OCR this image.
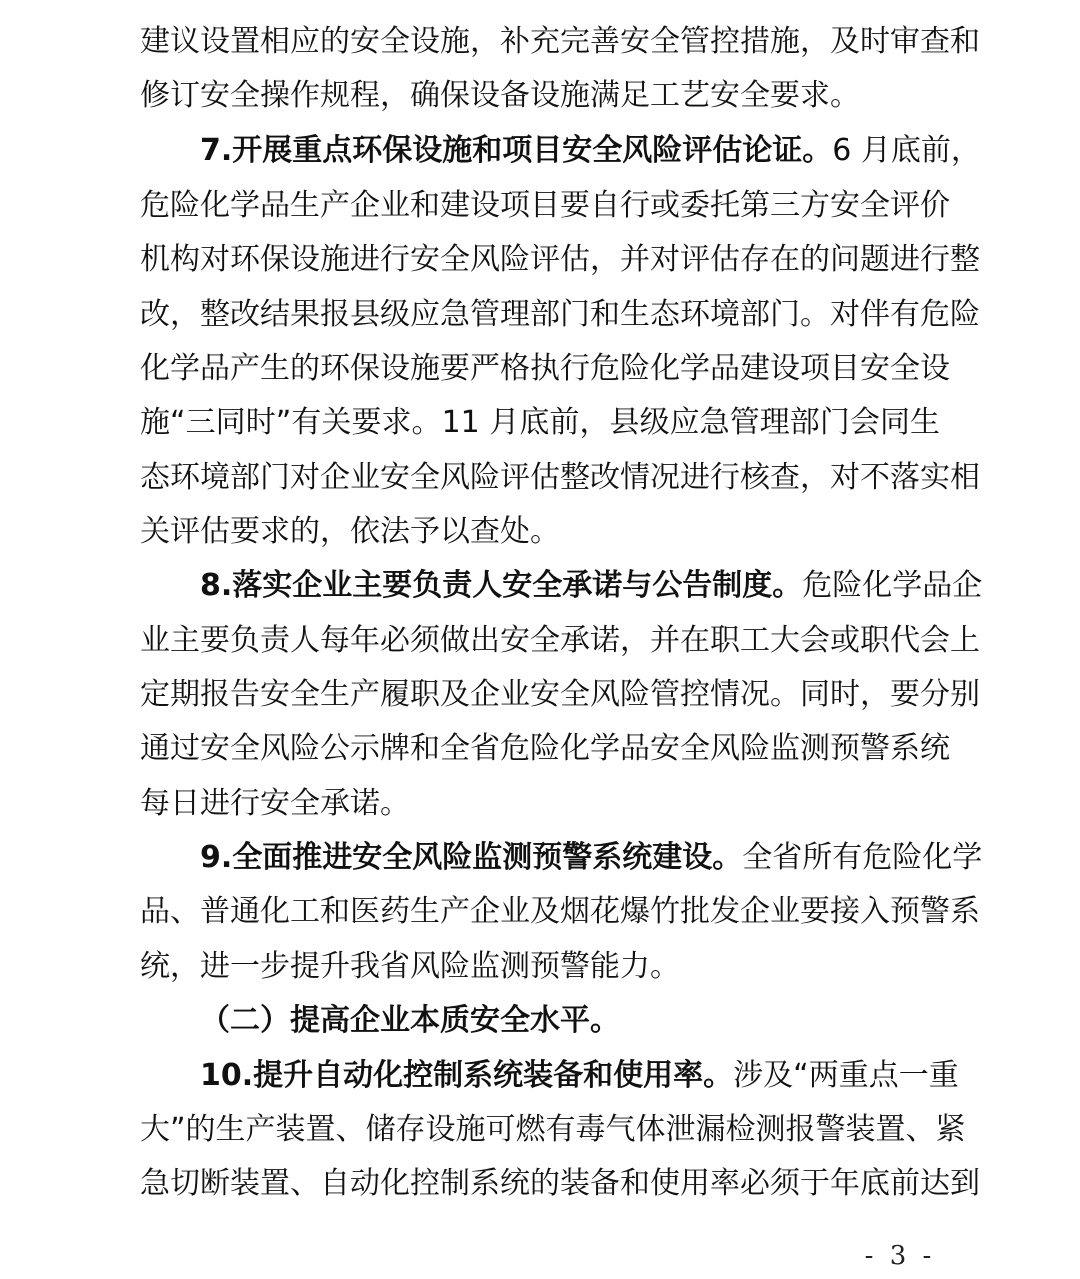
建议设置相应的安全设施，补充完善安全管控措施，及时审查和
修订安全操作规程，确保设备设施满足工艺安全要求。
7.开展重点环保设施和项目安全风险评估论证。6 月底前，
危险化学品生产企业和建设项目要自行或委托第三方安全评价
机构对环保设施进行安全风险评估，并对评估存在的问题进行整
改，整改结果报县级应急管理部门和生态环境部门。对伴有危险
化学品产生的环保设施要严格执行危险化学品建设项目安全设
施“三同时”有关要求。11 月底前，县级应急管理部门会同生
态环境部门对企业安全风险评估整改情况进行核查，对不落实相
关评估要求的，依法予以查处。
8.落实企业主要负责人安全承诺与公告制度。危险化学品企
业主要负责人每年必须做出安全承诺，并在职工大会或职代会上
定期报告安全生产履职及企业安全风险管控情况。同时，要分别
通过安全风险公示牌和全省危险化学品安全风险监测预警系统
每日进行安全承诺。
9.全面推进安全风险监测预警系统建设。全省所有危险化学
品、普通化工和医药生产企业及烟花爆竹批发企业要接入预警系
统，进一步提升我省风险监测预警能力。
（二）提高企业本质安全水平。
10.提升自动化控制系统装备和使用率。涉及“两重点一重
大”的生产装置、储存设施可燃有毒气体泄漏检测报警装置、紧
急切断装置、自动化控制系统的装备和使用率必须于年底前达到
- 3 -
